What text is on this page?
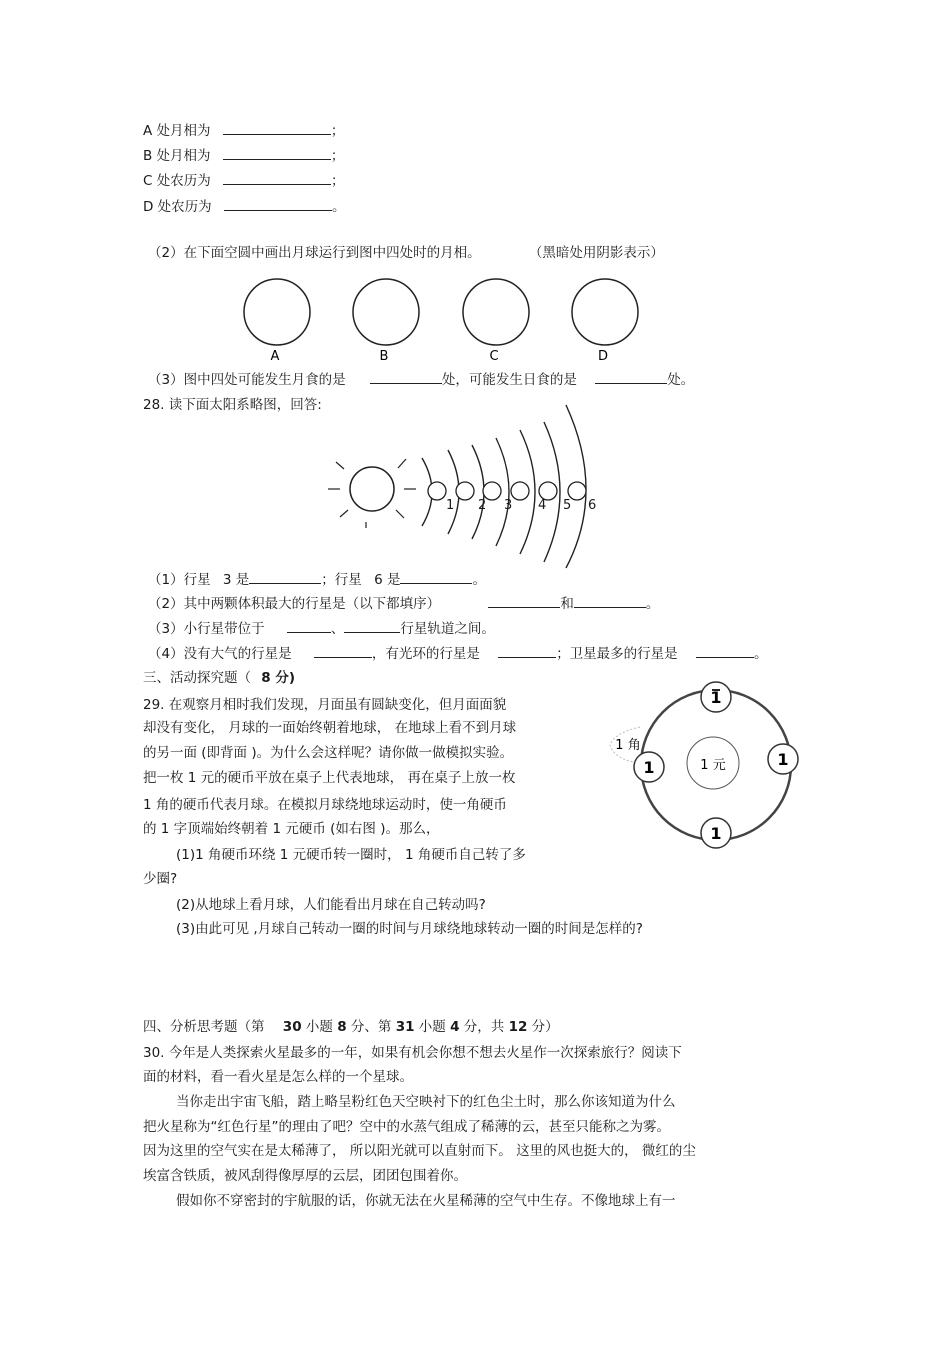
A 处月相为	；
B 处月相为	；
C 处农历为	；
D 处农历为	。
（2）在下面空圆中画出月球运行到图中四处时的月相。	（黑暗处用阴影表示）
A	B	C	D
（3）图中四处可能发生月食的是	处，可能发生日食的是	处。
28. 读下面太阳系略图，回答:
1 2 3 4 5 6
（1）行星 3 是	；行星 6 是	。
（2）其中两颗体积最大的行星是（以下都填序）	和	。
（3）小行星带位于	、	行星轨道之间。
（4）没有大气的行星是	，有光环的行星是	；卫星最多的行星是	。
三、活动探究题（ 8 分)
29. 在观察月相时我们发现，月面虽有圆缺变化，但月面面貌
却没有变化， 月球的一面始终朝着地球， 在地球上看不到月球
的另一面 (即背面 )。为什么会这样呢？请你做一做模拟实验。
把一枚 1 元的硬币平放在桌子上代表地球， 再在桌子上放一枚
1 角的硬币代表月球。在模拟月球绕地球运动时，使一角硬币
的 1 字顶端始终朝着 1 元硬币 (如右图 )。那么，
(1)1 角硬币环绕 1 元硬币转一圈时， 1 角硬币自己转了多
少圈?
(2)从地球上看月球，人们能看出月球在自己转动吗?
(3)由此可见 ,月球自己转动一圈的时间与月球绕地球转动一圈的时间是怎样的?
1 元
1 角
1
1
1
1
四、分析思考题（第 30 小题 8 分、第 31 小题 4 分，共 12 分）
30. 今年是人类探索火星最多的一年，如果有机会你想不想去火星作一次探索旅行？阅读下
面的材料，看一看火星是怎么样的一个星球。
当你走出宇宙飞船，踏上略呈粉红色天空映衬下的红色尘土时，那么你该知道为什么
把火星称为“红色行星”的理由了吧？空中的水蒸气组成了稀薄的云，甚至只能称之为雾。
因为这里的空气实在是太稀薄了， 所以阳光就可以直射而下。 这里的风也挺大的， 微红的尘
埃富含铁质，被风刮得像厚厚的云层，团团包围着你。
假如你不穿密封的宇航服的话，你就无法在火星稀薄的空气中生存。不像地球上有一
